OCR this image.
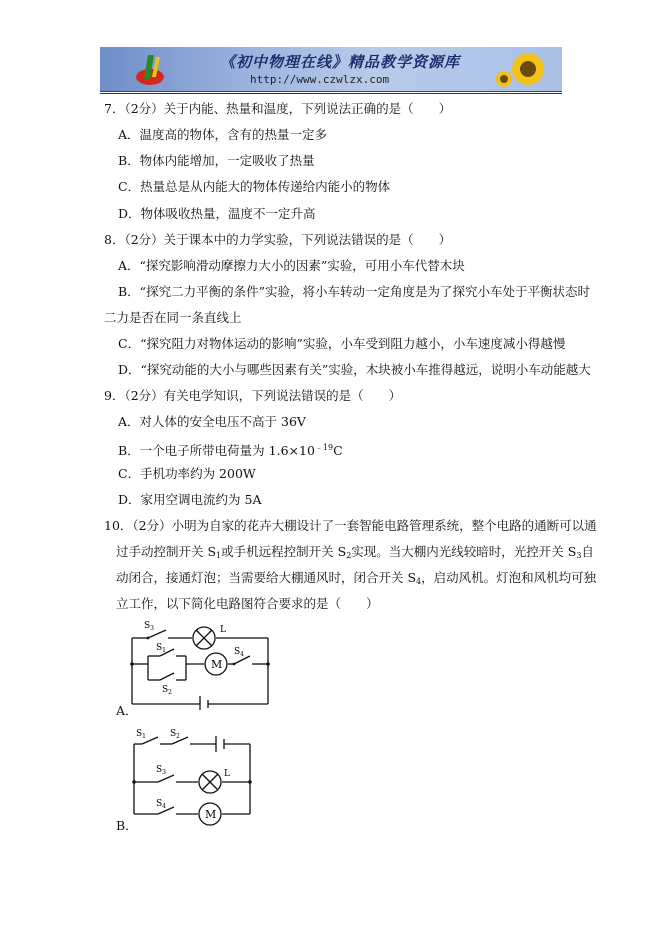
《初中物理在线》精品教学资源库
http://www.czwlzx.com
7．（2分）关于内能、热量和温度，下列说法正确的是（　　）
A．温度高的物体，含有的热量一定多
B．物体内能增加，一定吸收了热量
C．热量总是从内能大的物体传递给内能小的物体
D．物体吸收热量，温度不一定升高
8．（2分）关于课本中的力学实验，下列说法错误的是（　　）
A．“探究影响滑动摩擦力大小的因素”实验，可用小车代替木块
B．“探究二力平衡的条件”实验，将小车转动一定角度是为了探究小车处于平衡状态时
二力是否在同一条直线上
C．“探究阻力对物体运动的影响”实验，小车受到阻力越小，小车速度减小得越慢
D．“探究动能的大小与哪些因素有关”实验，木块被小车推得越远，说明小车动能越大
9．（2分）有关电学知识，下列说法错误的是（　　）
A．对人体的安全电压不高于 36V
B．一个电子所带电荷量为 $1.6\times 10^{﹣19}C$
C．手机功率约为 200W
D．家用空调电流约为 5A
10．（2分）小明为自家的花卉大棚设计了一套智能电路管理系统，整个电路的通断可以通
过手动控制开关 $S_1$或手机远程控制开关 $S_2$实现。当大棚内光线较暗时，光控开关 $S_3$自
动闭合，接通灯泡；当需要给大棚通风时，闭合开关 $S_4$，启动风机。灯泡和风机均可独
立工作，以下简化电路图符合要求的是（　　）
$S_3$
$S_1$
$S_2$
$S_4$
L
M
A．
$S_1$	$S_2$
$S_3$
$S_4$
L
M
B．
